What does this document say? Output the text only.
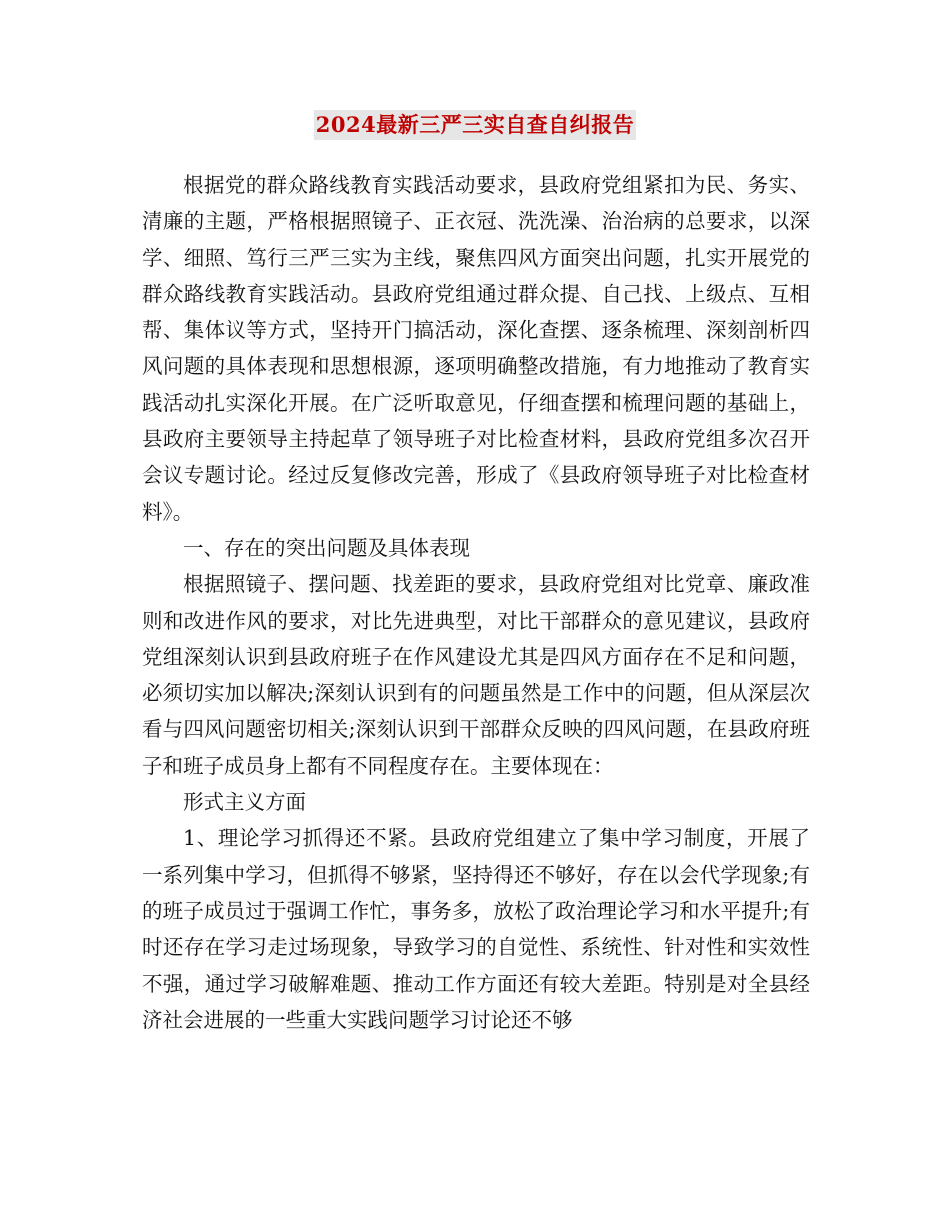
2024最新三严三实自查自纠报告

根据党的群众路线教育实践活动要求，县政府党组紧扣为民、务实、清廉的主题，严格根据照镜子、正衣冠、洗洗澡、治治病的总要求，以深学、细照、笃行三严三实为主线，聚焦四风方面突出问题，扎实开展党的群众路线教育实践活动。县政府党组通过群众提、自己找、上级点、互相帮、集体议等方式，坚持开门搞活动，深化查摆、逐条梳理、深刻剖析四风问题的具体表现和思想根源，逐项明确整改措施，有力地推动了教育实践活动扎实深化开展。在广泛听取意见，仔细查摆和梳理问题的基础上，县政府主要领导主持起草了领导班子对比检查材料，县政府党组多次召开会议专题讨论。经过反复修改完善，形成了《县政府领导班子对比检查材料》。

一、存在的突出问题及具体表现

根据照镜子、摆问题、找差距的要求，县政府党组对比党章、廉政准则和改进作风的要求，对比先进典型，对比干部群众的意见建议，县政府党组深刻认识到县政府班子在作风建设尤其是四风方面存在不足和问题，必须切实加以解决;深刻认识到有的问题虽然是工作中的问题，但从深层次看与四风问题密切相关;深刻认识到干部群众反映的四风问题，在县政府班子和班子成员身上都有不同程度存在。主要体现在：

形式主义方面

1、理论学习抓得还不紧。县政府党组建立了集中学习制度，开展了一系列集中学习，但抓得不够紧，坚持得还不够好，存在以会代学现象;有的班子成员过于强调工作忙，事务多，放松了政治理论学习和水平提升;有时还存在学习走过场现象，导致学习的自觉性、系统性、针对性和实效性不强，通过学习破解难题、推动工作方面还有较大差距。特别是对全县经济社会进展的一些重大实践问题学习讨论还不够
